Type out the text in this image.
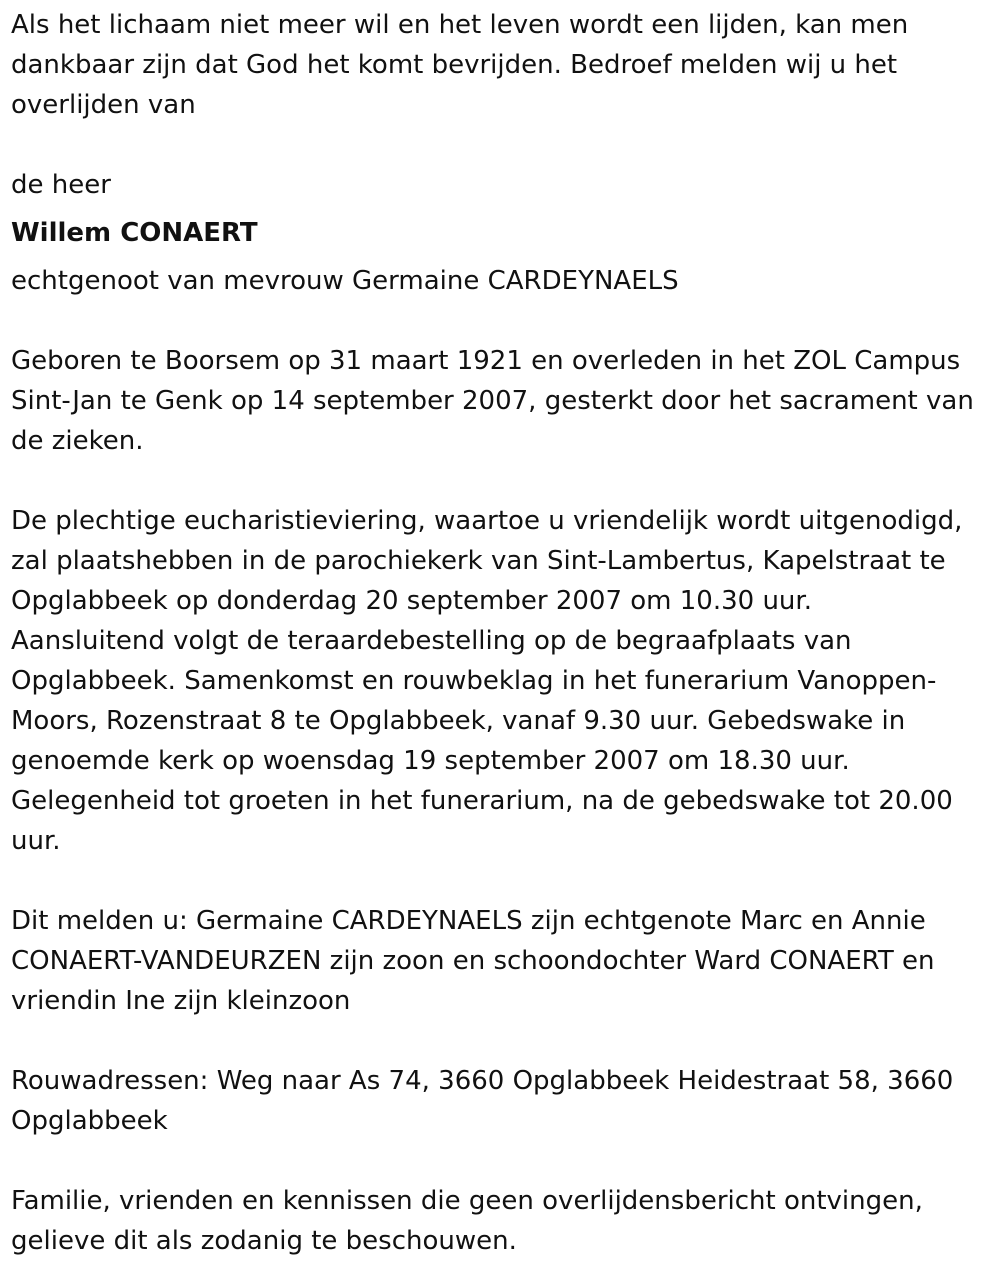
Als het lichaam niet meer wil en het leven wordt een lijden, kan men
dankbaar zijn dat God het komt bevrijden. Bedroef melden wij u het
overlijden van

de heer

Willem CONAERT

echtgenoot van mevrouw Germaine CARDEYNAELS

Geboren te Boorsem op 31 maart 1921 en overleden in het ZOL Campus
Sint-Jan te Genk op 14 september 2007, gesterkt door het sacrament van
de zieken.

De plechtige eucharistieviering, waartoe u vriendelijk wordt uitgenodigd,
zal plaatshebben in de parochiekerk van Sint-Lambertus, Kapelstraat te
Opglabbeek op donderdag 20 september 2007 om 10.30 uur.
Aansluitend volgt de teraardebestelling op de begraafplaats van
Opglabbeek. Samenkomst en rouwbeklag in het funerarium Vanoppen-
Moors, Rozenstraat 8 te Opglabbeek, vanaf 9.30 uur. Gebedswake in
genoemde kerk op woensdag 19 september 2007 om 18.30 uur.
Gelegenheid tot groeten in het funerarium, na de gebedswake tot 20.00
uur.

Dit melden u: Germaine CARDEYNAELS zijn echtgenote Marc en Annie
CONAERT-VANDEURZEN zijn zoon en schoondochter Ward CONAERT en
vriendin Ine zijn kleinzoon

Rouwadressen: Weg naar As 74, 3660 Opglabbeek Heidestraat 58, 3660
Opglabbeek

Familie, vrienden en kennissen die geen overlijdensbericht ontvingen,
gelieve dit als zodanig te beschouwen.
